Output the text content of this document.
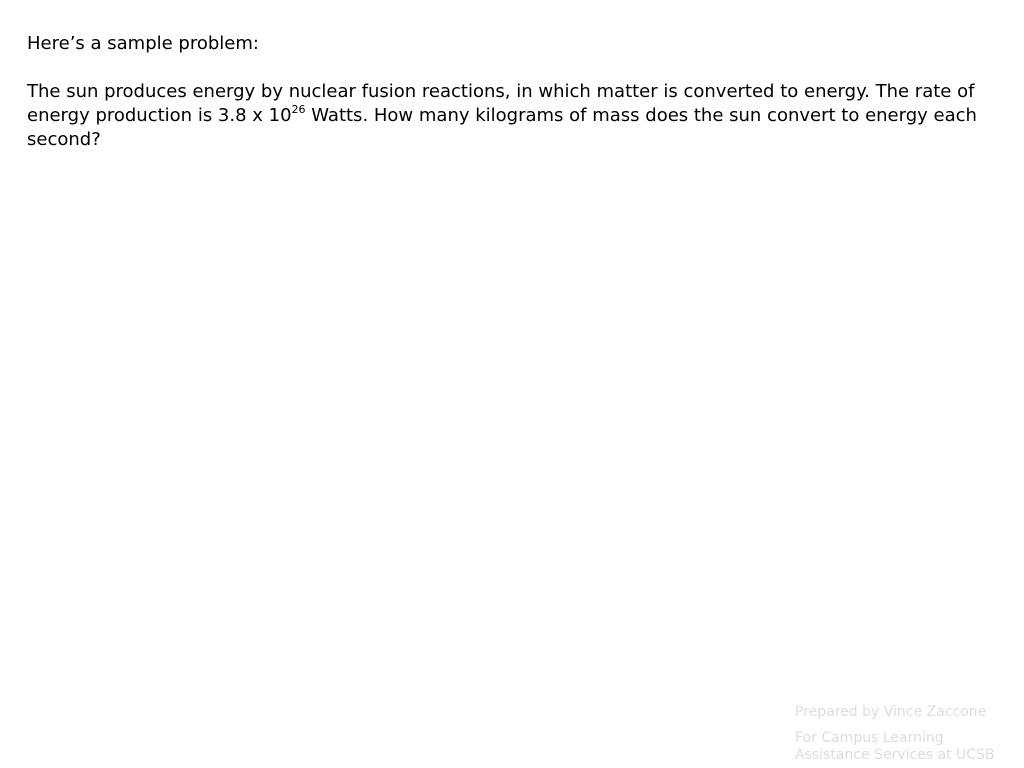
Here’s a sample problem:

The sun produces energy by nuclear fusion reactions, in which matter is converted to energy. The rate of energy production is 3.8 x $10^{26}$ Watts. How many kilograms of mass does the sun convert to energy each second?

Prepared by Vince Zaccone
For Campus Learning Assistance Services at UCSB
